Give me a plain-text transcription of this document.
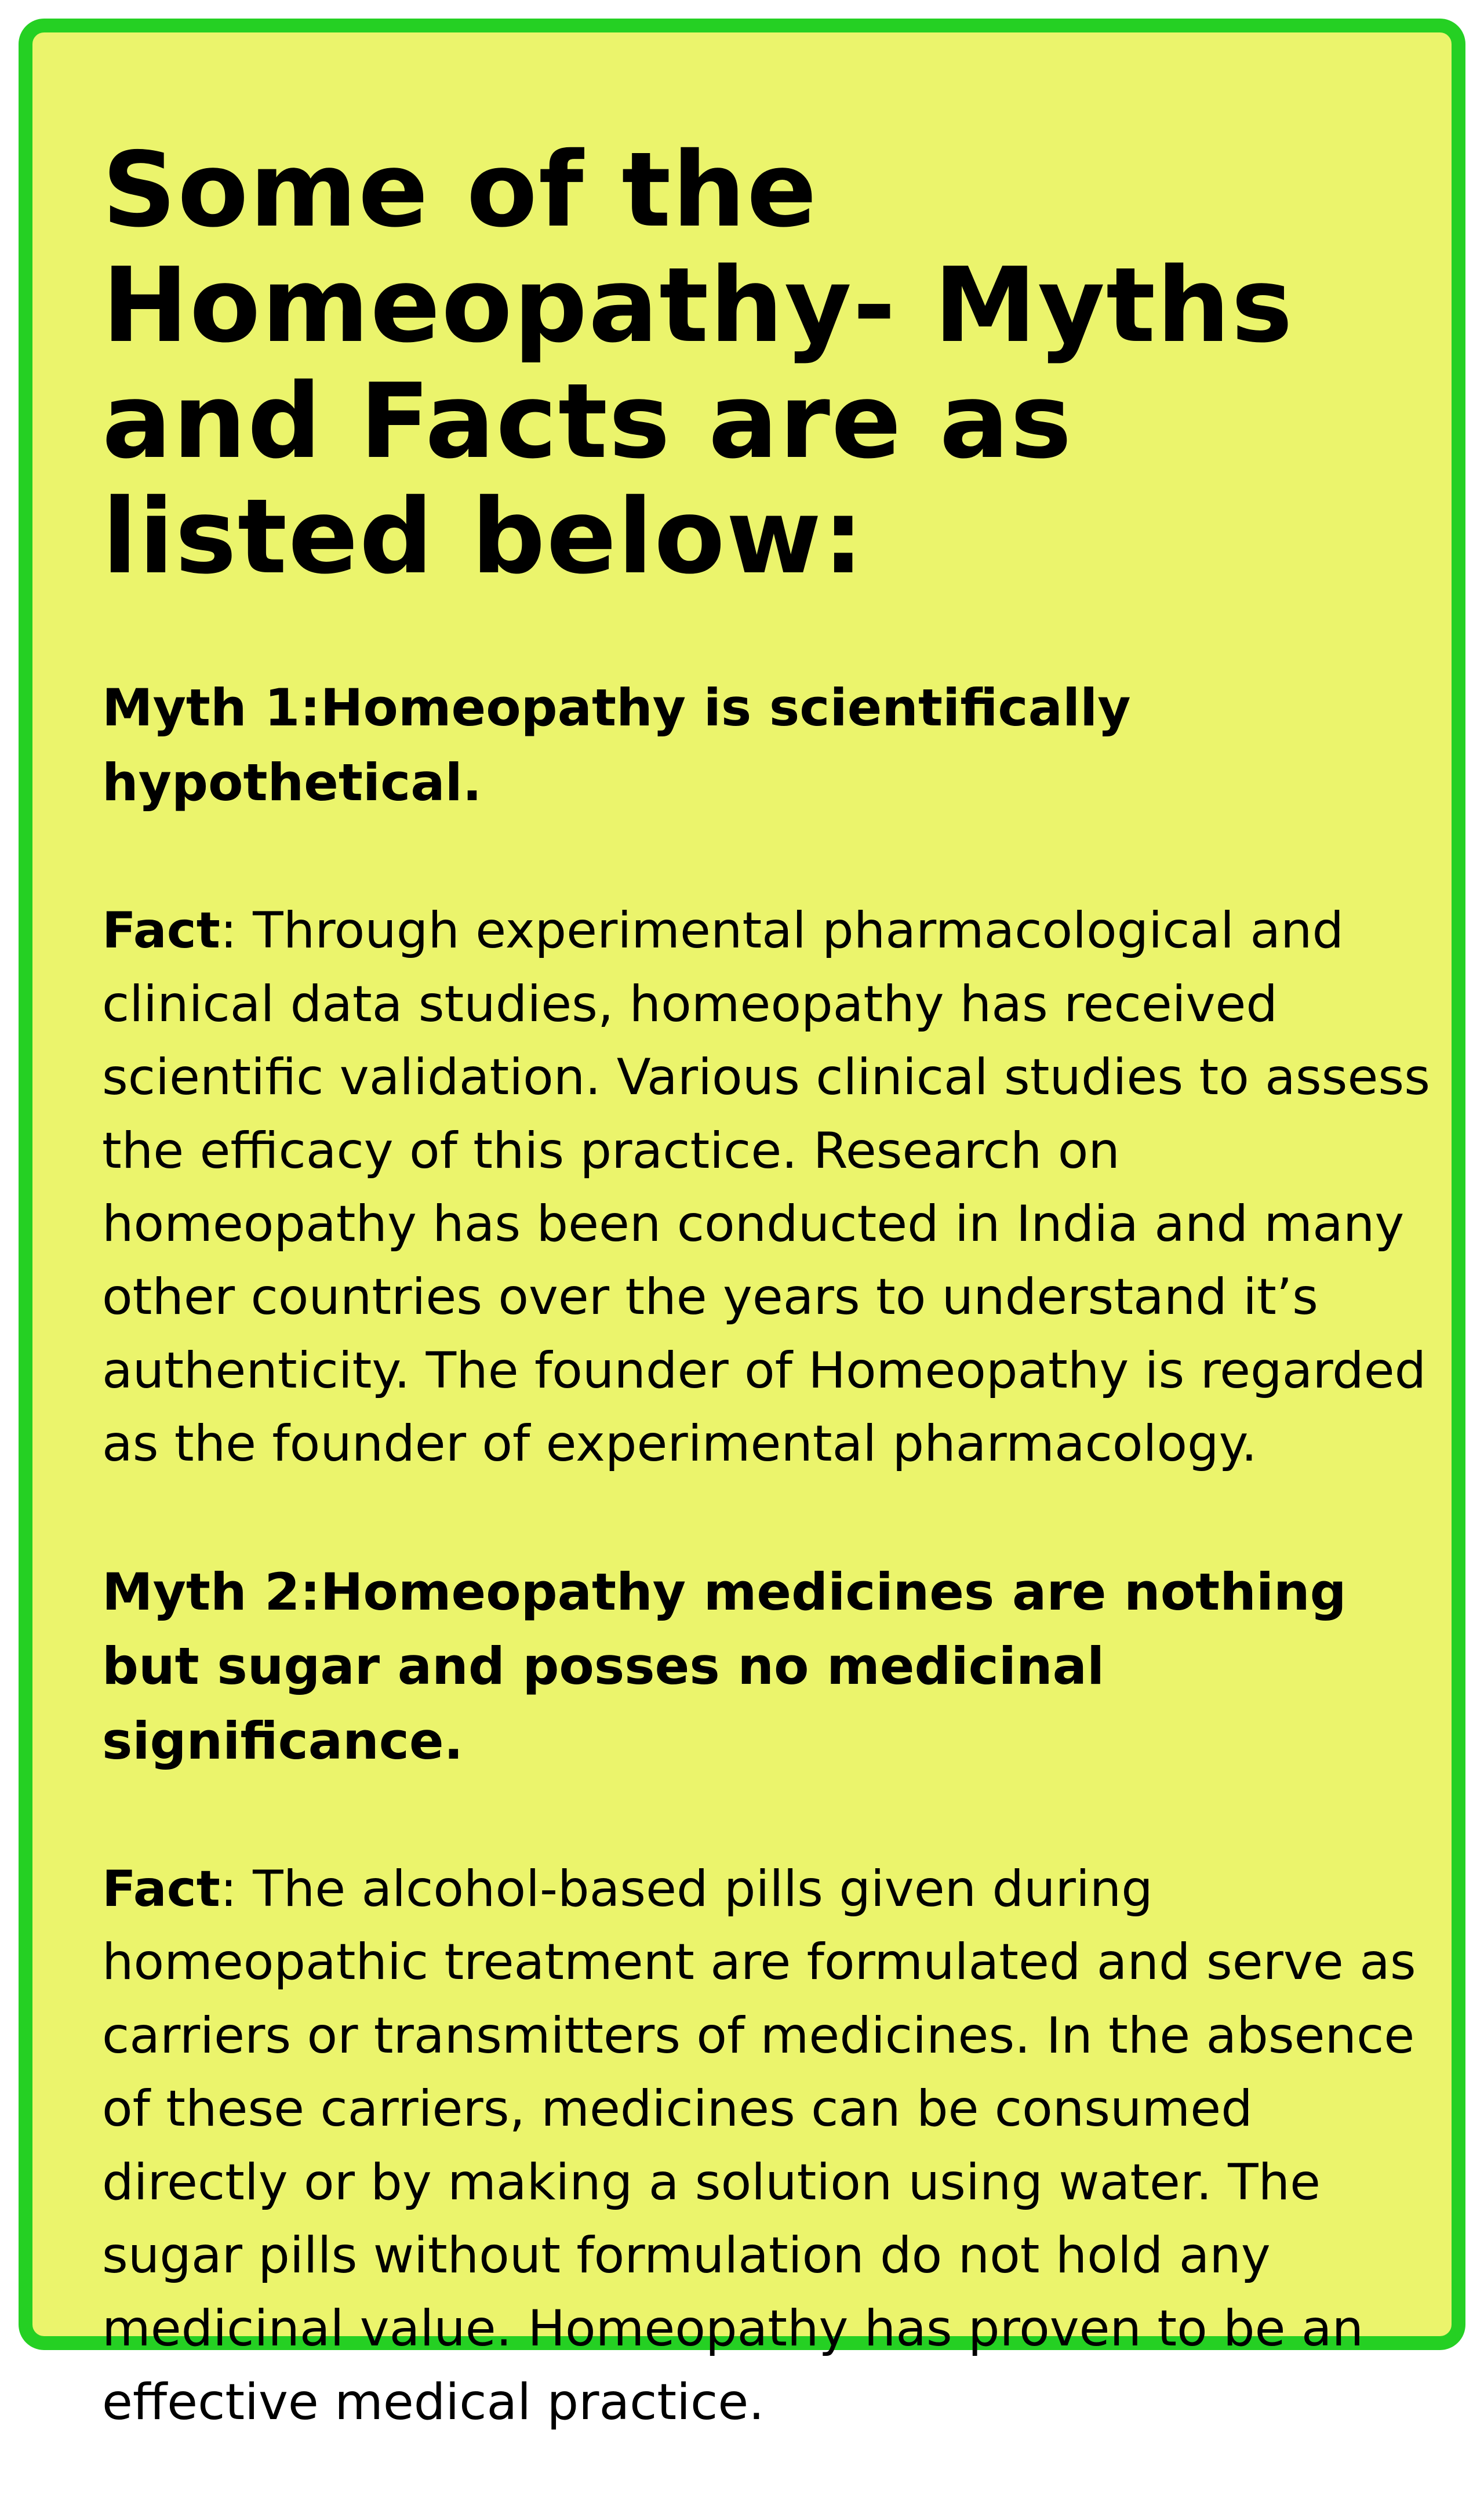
Some of the Homeopathy- Myths and Facts are as listed below:

Myth 1:Homeopathy is scientifically hypothetical.

Fact: Through experimental pharmacological and clinical data studies, homeopathy has received scientific validation. Various clinical studies to assess the efficacy of this practice. Research on homeopathy has been conducted in India and many other countries over the years to understand it’s authenticity. The founder of Homeopathy is regarded as the founder of experimental pharmacology.

Myth 2:Homeopathy medicines are nothing but sugar and posses no medicinal significance.

Fact: The alcohol-based pills given during homeopathic treatment are formulated and serve as carriers or transmitters of medicines. In the absence of these carriers, medicines can be consumed directly or by making a solution using water. The sugar pills without formulation do not hold any medicinal value. Homeopathy has proven to be an effective medical practice.
